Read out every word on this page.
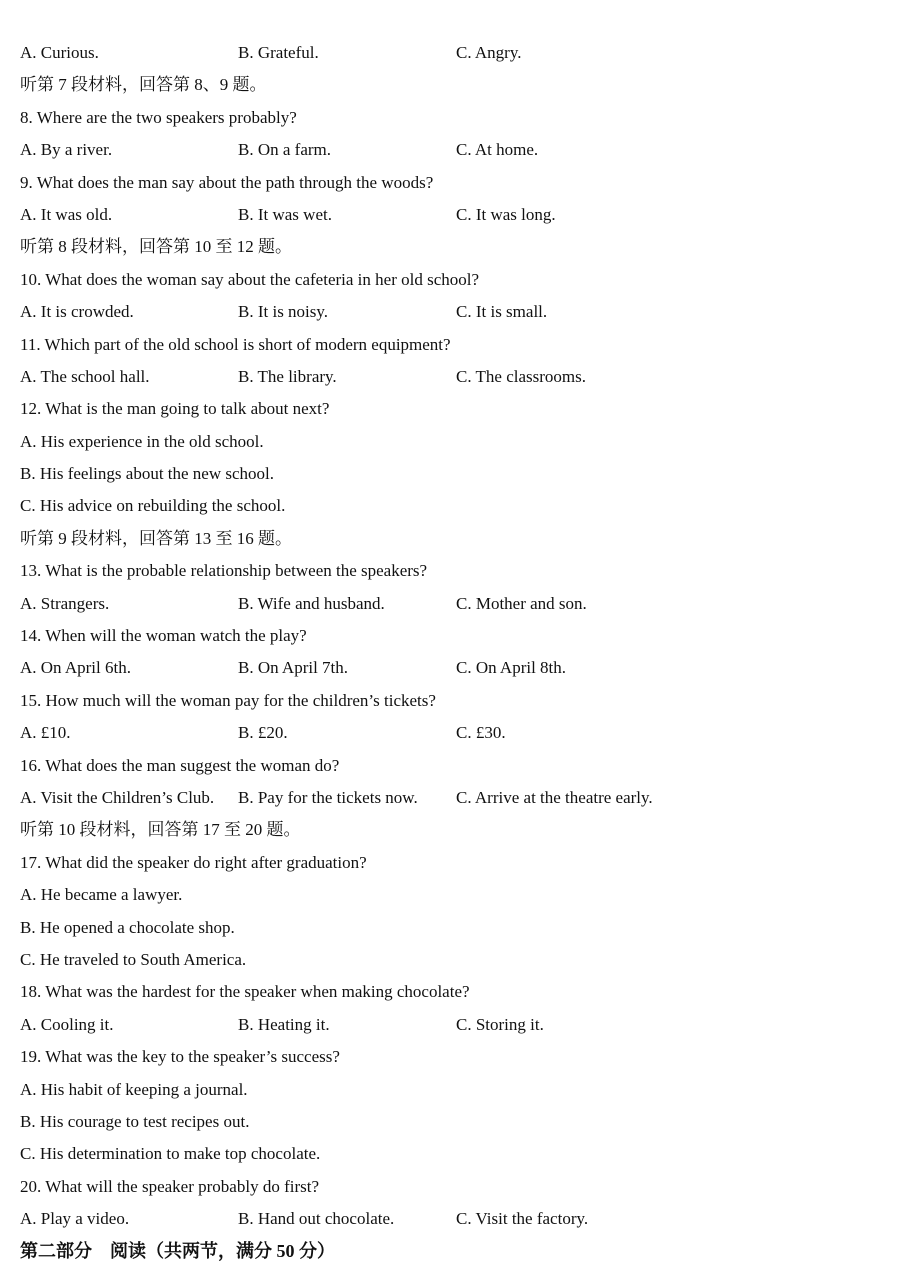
A. Curious.	B. Grateful.	C. Angry.
听第 7 段材料，回答第 8、9 题。
8. Where are the two speakers probably?
A. By a river.	B. On a farm.	C. At home.
9. What does the man say about the path through the woods?
A. It was old.	B. It was wet.	C. It was long.
听第 8 段材料，回答第 10 至 12 题。
10. What does the woman say about the cafeteria in her old school?
A. It is crowded.	B. It is noisy.	C. It is small.
11. Which part of the old school is short of modern equipment?
A. The school hall.	B. The library.	C. The classrooms.
12. What is the man going to talk about next?
A. His experience in the old school.
B. His feelings about the new school.
C. His advice on rebuilding the school.
听第 9 段材料，回答第 13 至 16 题。
13. What is the probable relationship between the speakers?
A. Strangers.	B. Wife and husband.	C. Mother and son.
14. When will the woman watch the play?
A. On April 6th.	B. On April 7th.	C. On April 8th.
15. How much will the woman pay for the children’s tickets?
A. £10.	B. £20.	C. £30.
16. What does the man suggest the woman do?
A. Visit the Children’s Club. B. Pay for the tickets now. C. Arrive at the theatre early.
听第 10 段材料，回答第 17 至 20 题。
17. What did the speaker do right after graduation?
A. He became a lawyer.
B. He opened a chocolate shop.
C. He traveled to South America.
18. What was the hardest for the speaker when making chocolate?
A. Cooling it.	B. Heating it.	C. Storing it.
19. What was the key to the speaker’s success?
A. His habit of keeping a journal.
B. His courage to test recipes out.
C. His determination to make top chocolate.
20. What will the speaker probably do first?
A. Play a video.	B. Hand out chocolate.	C. Visit the factory.
第二部分　阅读（共两节，满分 50 分）
